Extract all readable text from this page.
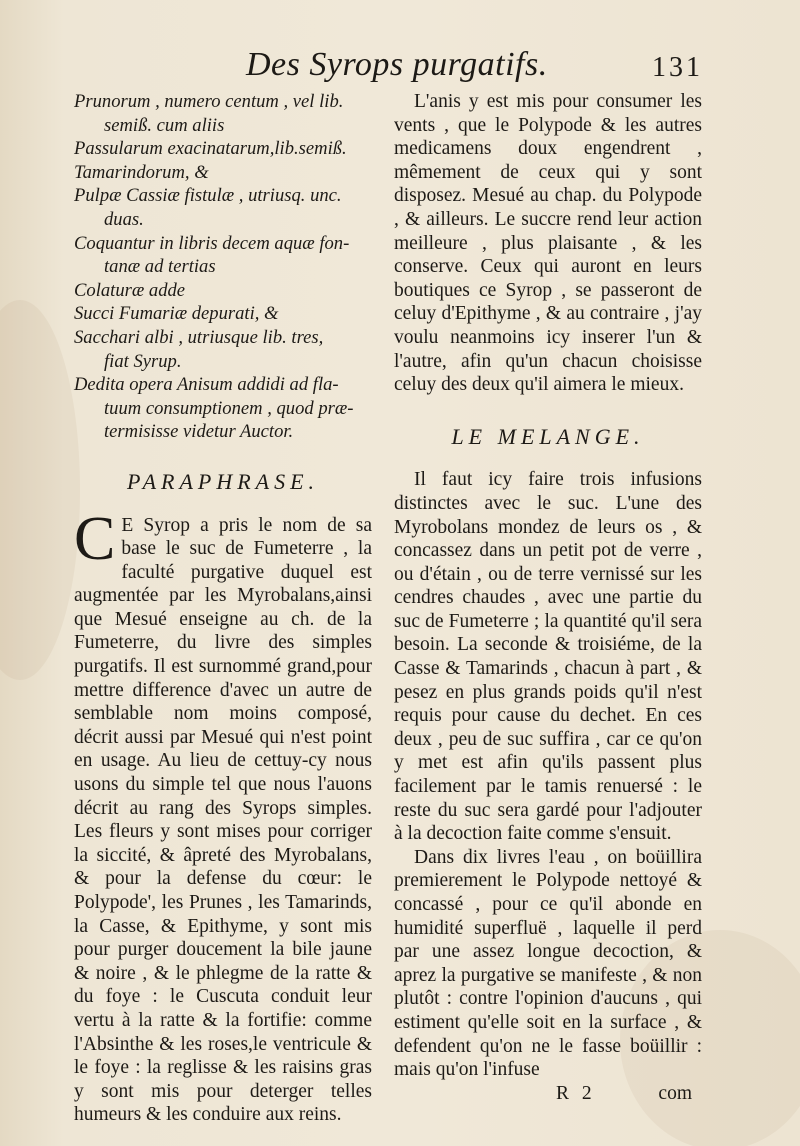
Des Syrops purgatifs.	131

Prunorum , numero centum , vel lib.

semiß. cum aliis

Passularum exacinatarum,lib.semiß.

Tamarindorum, &

Pulpæ Cassiæ fistulæ , utriusq. unc.

duas.

Coquantur in libris decem aquæ fon-

tanæ ad tertias

Colaturæ adde

Succi Fumariæ depurati, &

Sacchari albi , utriusque lib. tres,

fiat Syrup.

Dedita opera Anisum addidi ad fla-

tuum consumptionem , quod præ-

termisisse videtur Auctor.

PARAPHRASE.

C E Syrop a pris le nom de sa base le suc de Fumeterre , la faculté purgative duquel est augmentée par les Myrobalans,ainsi que Mesué enseigne au ch. de la Fumeterre, du livre des simples purgatifs. Il est surnommé grand,pour mettre difference d'avec un autre de semblable nom moins composé, décrit aussi par Mesué qui n'est point en usage. Au lieu de cettuy-cy nous usons du simple tel que nous l'auons décrit au rang des Syrops simples. Les fleurs y sont mises pour corriger la siccité, & âpreté des Myrobalans, & pour la defense du cœur: le Polypode', les Prunes , les Tamarinds, la Casse, & Epithyme, y sont mis pour purger doucement la bile jaune & noire , & le phlegme de la ratte & du foye : le Cuscuta conduit leur vertu à la ratte & la fortifie: comme l'Absinthe & les roses,le ventricule & le foye : la reglisse & les raisins gras y sont mis pour deterger telles humeurs & les conduire aux reins.

L'anis y est mis pour consumer les vents , que le Polypode & les autres medicamens doux engendrent , mêmement de ceux qui y sont disposez. Mesué au chap. du Polypode , & ailleurs. Le succre rend leur action meilleure , plus plaisante , & les conserve. Ceux qui auront en leurs boutiques ce Syrop , se passeront de celuy d'Epithyme , & au contraire , j'ay voulu neanmoins icy inserer l'un & l'autre, afin qu'un chacun choisisse celuy des deux qu'il aimera le mieux.

LE MELANGE.

Il faut icy faire trois infusions distinctes avec le suc. L'une des Myrobolans mondez de leurs os , & concassez dans un petit pot de verre , ou d'étain , ou de terre vernissé sur les cendres chaudes , avec une partie du suc de Fumeterre ; la quantité qu'il sera besoin. La seconde & troisiéme, de la Casse & Tamarinds , chacun à part , & pesez en plus grands poids qu'il n'est requis pour cause du dechet. En ces deux , peu de suc suffira , car ce qu'on y met est afin qu'ils passent plus facilement par le tamis renuersé : le reste du suc sera gardé pour l'adjouter à la decoction faite comme s'ensuit.

Dans dix livres l'eau , on boüillira premierement le Polypode nettoyé & concassé , pour ce qu'il abonde en humidité superfluë , laquelle il perd par une assez longue decoction, & aprez la purgative se manifeste , & non plutôt : contre l'opinion d'aucuns , qui estiment qu'elle soit en la surface , & defendent qu'on ne le fasse boüillir : mais qu'on l'infuse

R 2	com
